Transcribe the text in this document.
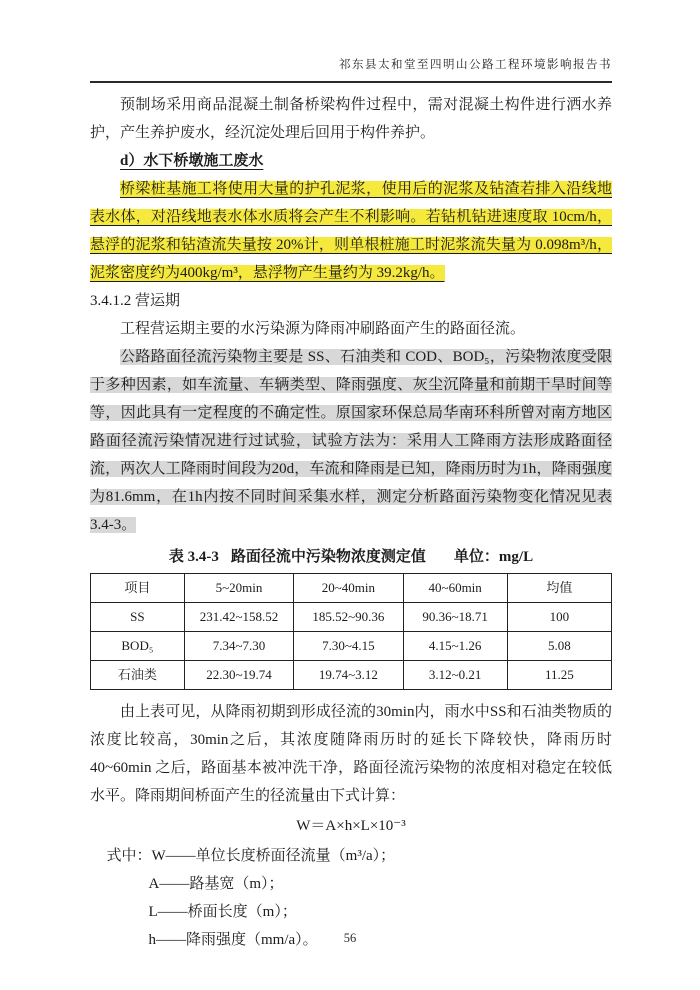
祁东县太和堂至四明山公路工程环境影响报告书

预制场采用商品混凝土制备桥梁构件过程中，需对混凝土构件进行洒水养护，产生养护废水，经沉淀处理后回用于构件养护。

d）水下桥墩施工废水

桥梁桩基施工将使用大量的护孔泥浆，使用后的泥浆及钻渣若排入沿线地表水体，对沿线地表水体水质将会产生不利影响。若钻机钻进速度取 10cm/h，悬浮的泥浆和钻渣流失量按 20%计，则单根桩施工时泥浆流失量为 0.098m³/h，泥浆密度约为400kg/m³，悬浮物产生量约为 39.2kg/h。

3.4.1.2 营运期

工程营运期主要的水污染源为降雨冲刷路面产生的路面径流。

公路路面径流污染物主要是 SS、石油类和 COD、BOD₅，污染物浓度受限于多种因素，如车流量、车辆类型、降雨强度、灰尘沉降量和前期干旱时间等等，因此具有一定程度的不确定性。原国家环保总局华南环科所曾对南方地区路面径流污染情况进行过试验，试验方法为：采用人工降雨方法形成路面径流，两次人工降雨时间段为20d，车流和降雨是已知，降雨历时为1h，降雨强度为81.6mm，在1h内按不同时间采集水样，测定分析路面污染物变化情况见表 3.4-3。

表 3.4-3 路面径流中污染物浓度测定值 单位：mg/L
项目	5~20min	20~40min	40~60min	均值
SS	231.42~158.52	185.52~90.36	90.36~18.71	100
BOD₅	7.34~7.30	7.30~4.15	4.15~1.26	5.08
石油类	22.30~19.74	19.74~3.12	3.12~0.21	11.25

由上表可见，从降雨初期到形成径流的30min内，雨水中SS和石油类物质的浓度比较高，30min之后，其浓度随降雨历时的延长下降较快，降雨历时 40~60min 之后，路面基本被冲洗干净，路面径流污染物的浓度相对稳定在较低水平。降雨期间桥面产生的径流量由下式计算：

W＝A×h×L×10⁻³

式中：W——单位长度桥面径流量（m³/a）；

A——路基宽（m）；

L——桥面长度（m）；

h——降雨强度（mm/a）。	56
